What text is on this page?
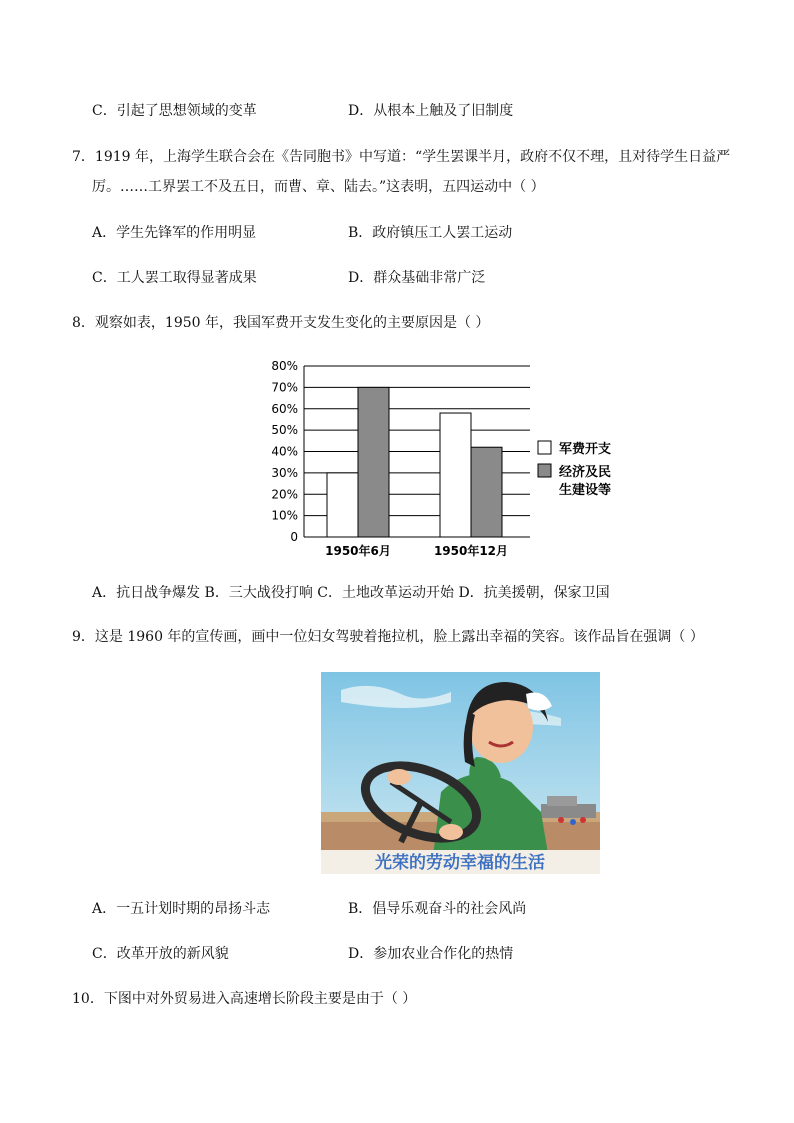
C．引起了思想领域的变革	D．从根本上触及了旧制度
7．1919 年，上海学生联合会在《告同胞书》中写道：“学生罢课半月，政府不仅不理，且对待学生日益严
厉。……工界罢工不及五日，而曹、章、陆去。”这表明，五四运动中（ ）
A．学生先锋军的作用明显	B．政府镇压工人罢工运动
C．工人罢工取得显著成果	D．群众基础非常广泛
8．观察如表，1950 年，我国军费开支发生变化的主要原因是（ ）
0
10%
20%
30%
40%
50%
60%
70%
80%
1950年6月	1950年12月
军费开支
经济及民
生建设等
A．抗日战争爆发 B．三大战役打响 C．土地改革运动开始 D．抗美援朝，保家卫国
9．这是 1960 年的宣传画，画中一位妇女驾驶着拖拉机，脸上露出幸福的笑容。该作品旨在强调（ ）
光荣的劳动幸福的生活
A．一五计划时期的昂扬斗志	B．倡导乐观奋斗的社会风尚
C．改革开放的新风貌	D．参加农业合作化的热情
10．下图中对外贸易进入高速增长阶段主要是由于（ ）
